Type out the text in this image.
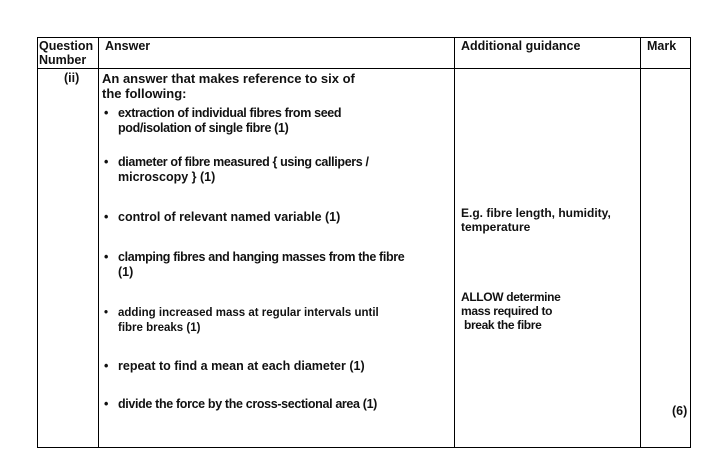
Question
Number
Answer	Additional guidance	Mark
(ii) An answer that makes reference to six of
the following:
• extraction of individual fibres from seed
pod/isolation of single fibre (1)
• diameter of fibre measured { using callipers /
microscopy } (1)
• control of relevant named variable (1)
• clamping fibres and hanging masses from the fibre
(1)
• adding increased mass at regular intervals until
fibre breaks (1)
• repeat to find a mean at each diameter (1)
• divide the force by the cross-sectional area (1)
E.g. fibre length, humidity,
temperature
ALLOW determine
mass required to
break the fibre
(6)
